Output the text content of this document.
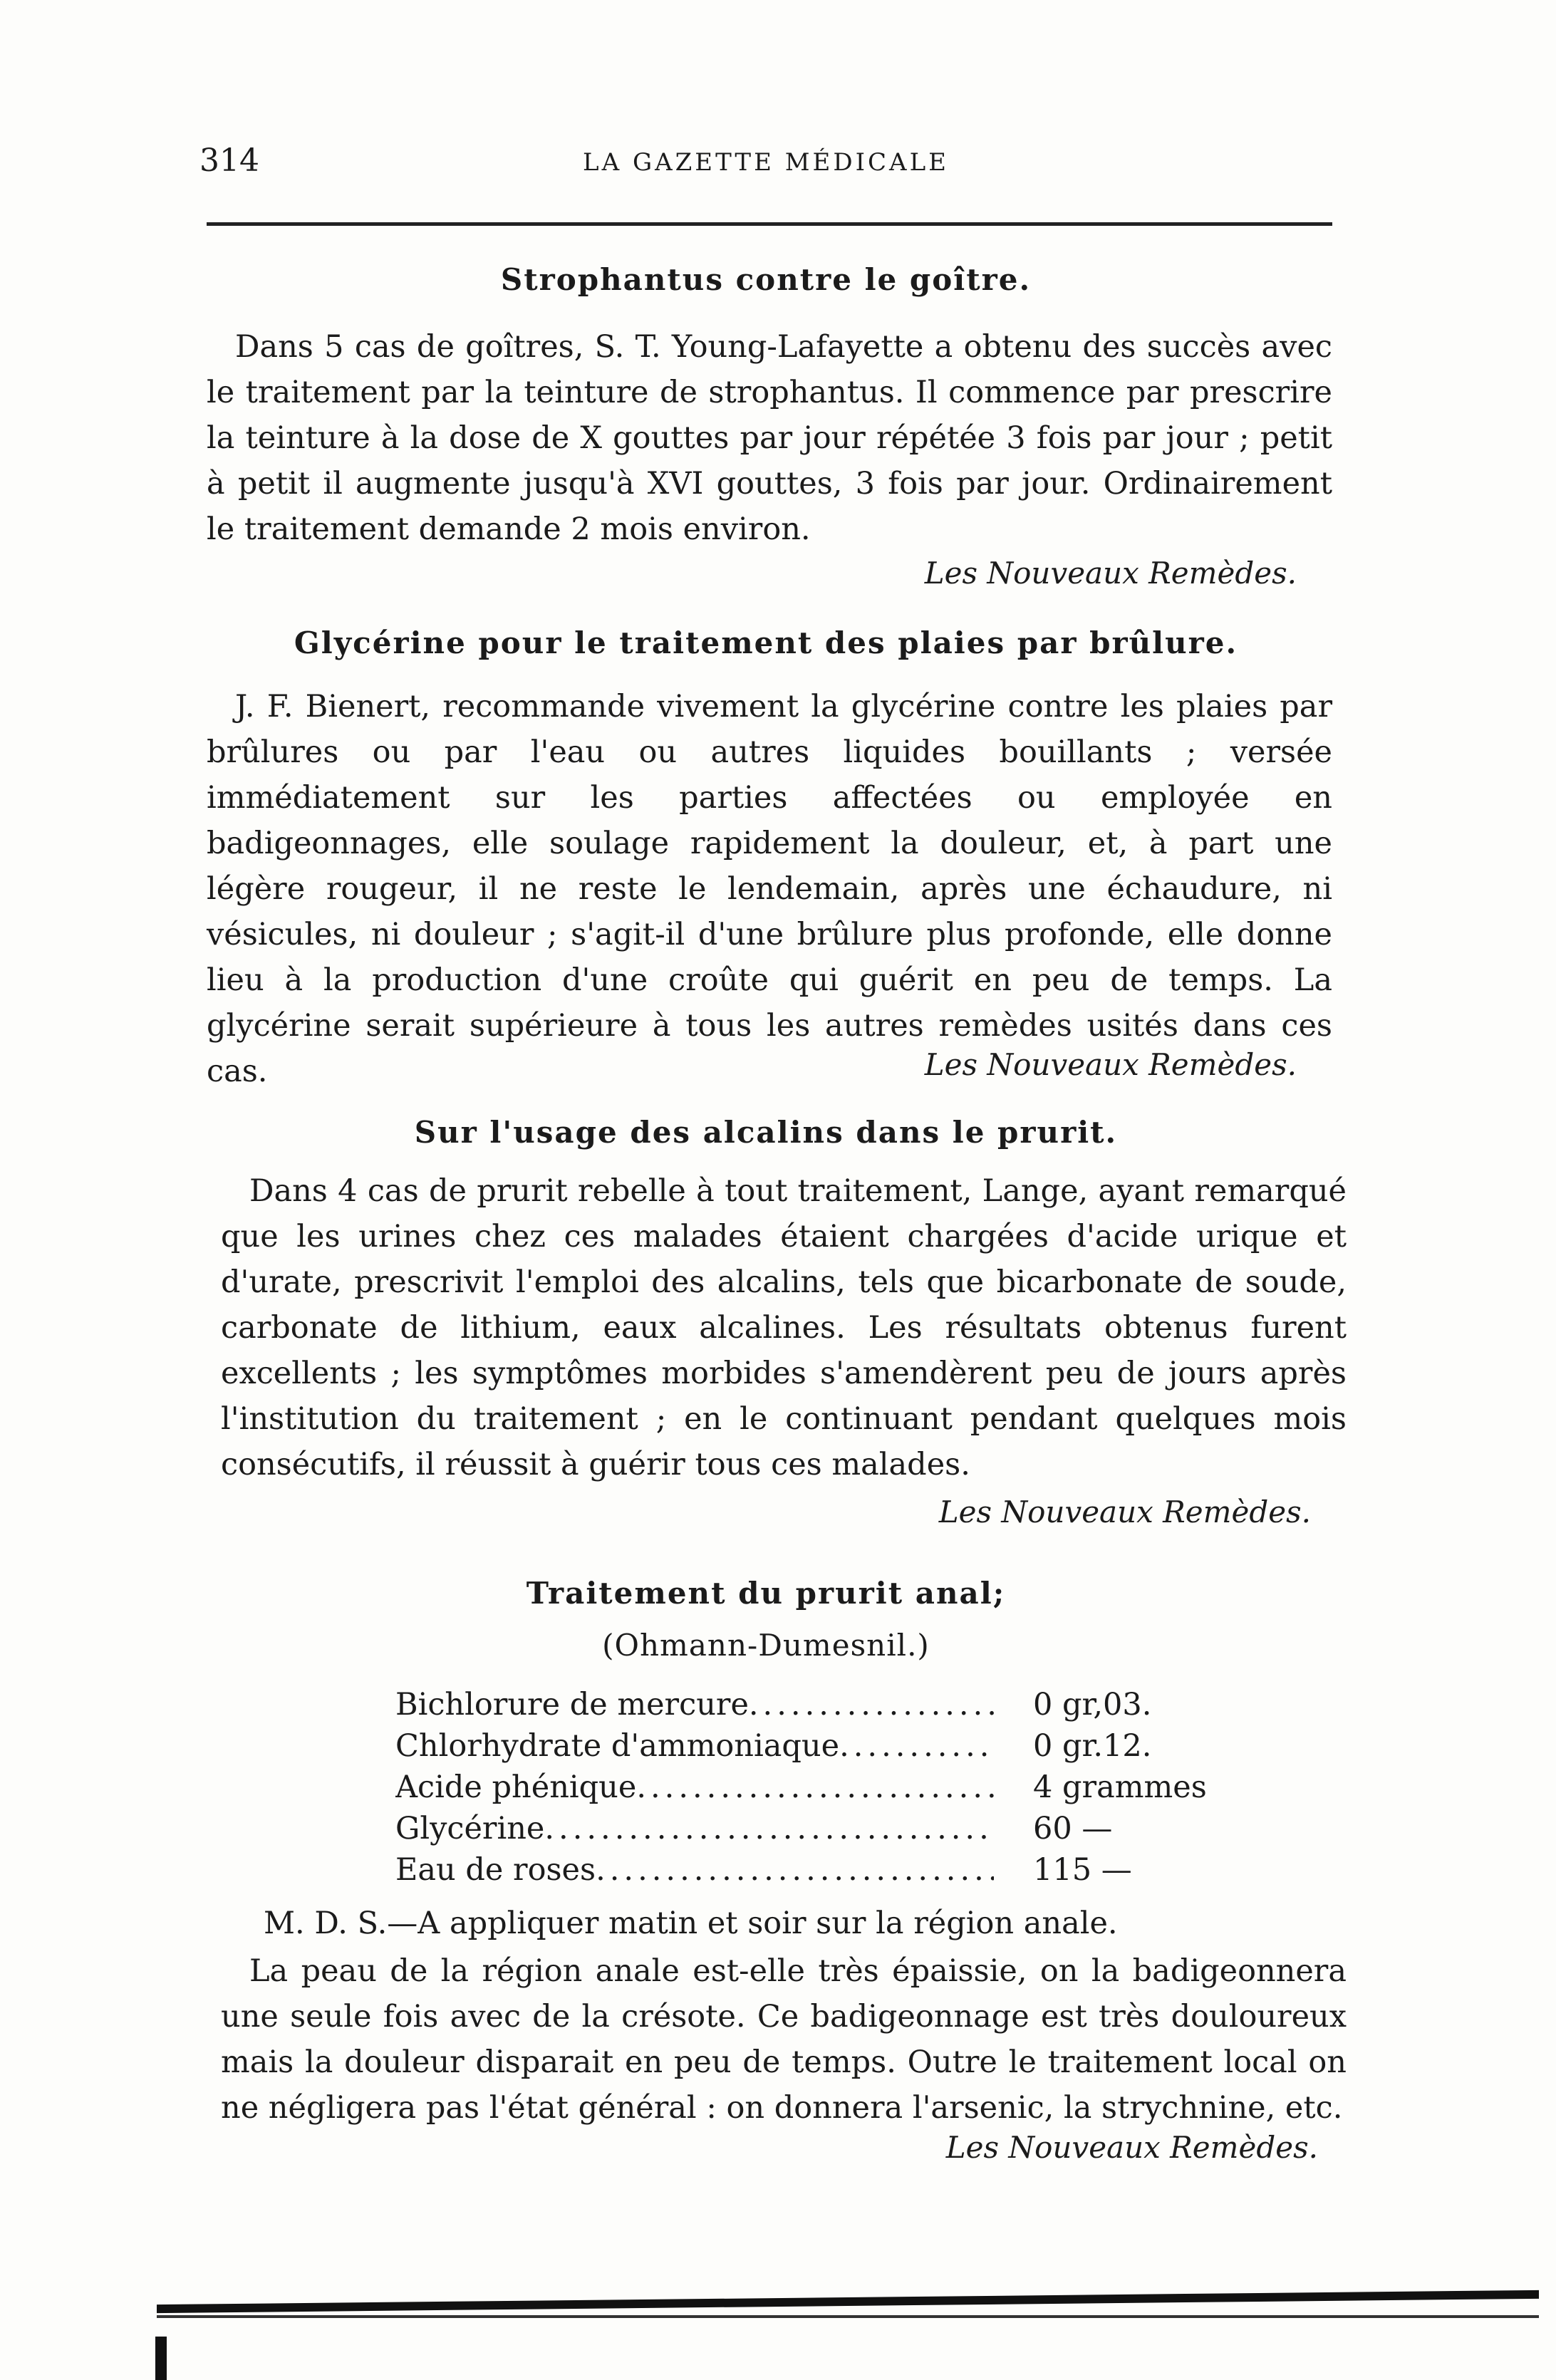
314	LA GAZETTE MÉDICALE
Strophantus contre le goître.

Dans 5 cas de goîtres, S. T. Young-Lafayette a obtenu des succès avec le traitement par la teinture de strophantus. Il commence par prescrire la teinture à la dose de X gouttes par jour répétée 3 fois par jour ; petit à petit il augmente jusqu'à XVI gouttes, 3 fois par jour. Ordinairement le traitement demande 2 mois environ.

Les Nouveaux Remèdes.
Glycérine pour le traitement des plaies par brûlure.

J. F. Bienert, recommande vivement la glycérine contre les plaies par brûlures ou par l'eau ou autres liquides bouillants ; versée immédiatement sur les parties affectées ou employée en badigeonnages, elle soulage rapidement la douleur, et, à part une légère rougeur, il ne reste le lendemain, après une échaudure, ni vésicules, ni douleur ; s'agit-il d'une brûlure plus profonde, elle donne lieu à la production d'une croûte qui guérit en peu de temps. La glycérine serait supérieure à tous les autres remèdes usités dans ces cas.	Les Nouveaux Remèdes.
Sur l'usage des alcalins dans le prurit.

Dans 4 cas de prurit rebelle à tout traitement, Lange, ayant remarqué que les urines chez ces malades étaient chargées d'acide urique et d'urate, prescrivit l'emploi des alcalins, tels que bicarbonate de soude, carbonate de lithium, eaux alcalines. Les résultats obtenus furent excellents ; les symptômes morbides s'amendèrent peu de jours après l'institution du traitement ; en le continuant pendant quelques mois consécutifs, il réussit à guérir tous ces malades.

Les Nouveaux Remèdes.
Traitement du prurit anal;
(Ohmann-Dumesnil.)
Bichlorure de mercure .....	0 gr,03.
Chlorhydrate d'ammoniaque .....	0 gr.12.
Acide phénique .....	4 grammes
Glycérine .....	60 —
Eau de roses .....	115 —

M. D. S.—A appliquer matin et soir sur la région anale.

La peau de la région anale est-elle très épaissie, on la badigeonnera une seule fois avec de la crésote. Ce badigeonnage est très douloureux mais la douleur disparait en peu de temps. Outre le traitement local on ne négligera pas l'état général : on donnera l'arsenic, la strychnine, etc.

Les Nouveaux Remèdes.
